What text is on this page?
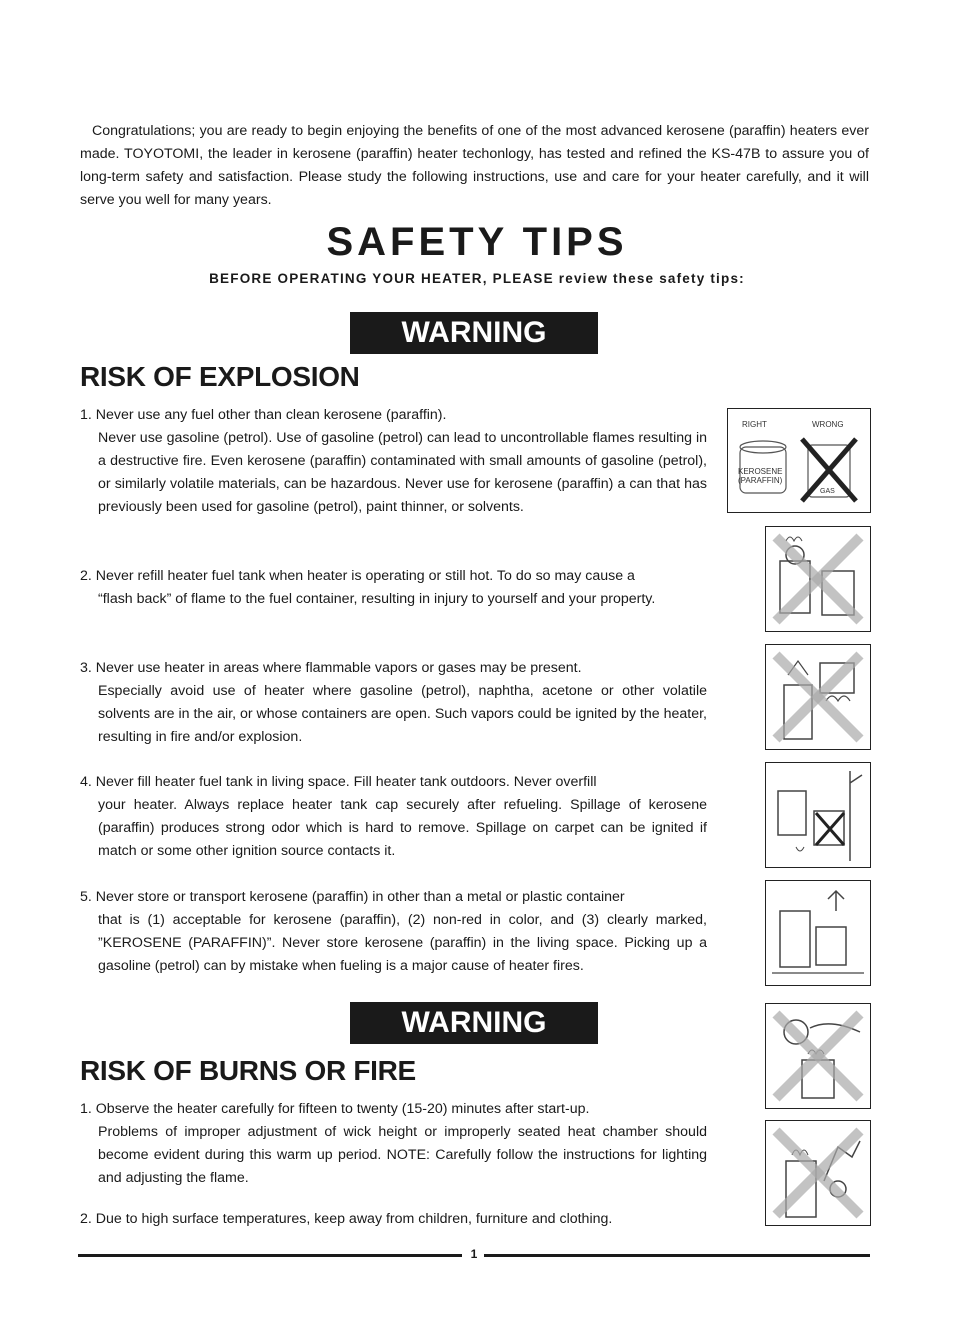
Congratulations; you are ready to begin enjoying the benefits of one of the most advanced kerosene (paraffin) heaters ever made. TOYOTOMI, the leader in kerosene (paraffin) heater techonlogy, has tested and refined the KS-47B to assure you of long-term safety and satisfaction. Please study the following instructions, use and care for your heater carefully, and it will serve you well for many years.
SAFETY TIPS
BEFORE OPERATING YOUR HEATER, PLEASE review these safety tips:
WARNING
RISK OF EXPLOSION
1. Never use any fuel other than clean kerosene (paraffin).
Never use gasoline (petrol). Use of gasoline (petrol) can lead to uncontrollable flames resulting in a destructive fire. Even kerosene (paraffin) contaminated with small amounts of gasoline (petrol), or similarly volatile materials, can be hazardous. Never use for kerosene (paraffin) a can that has previously been used for gasoline (petrol), paint thinner, or solvents.
2. Never refill heater fuel tank when heater is operating or still hot. To do so may cause a
“flash back” of flame to the fuel container, resulting in injury to yourself and your property.
3. Never use heater in areas where flammable vapors or gases may be present.
Especially avoid use of heater where gasoline (petrol), naphtha, acetone or other volatile solvents are in the air, or whose containers are open. Such vapors could be ignited by the heater, resulting in fire and/or explosion.
4. Never fill heater fuel tank in living space. Fill heater tank outdoors. Never overfill
your heater. Always replace heater tank cap securely after refueling. Spillage of kerosene (paraffin) produces strong odor which is hard to remove. Spillage on carpet can be ignited if match or some other ignition source contacts it.
5. Never store or transport kerosene (paraffin) in other than a metal or plastic container
that is (1) acceptable for kerosene (paraffin), (2) non-red in color, and (3) clearly marked, ”KEROSENE (PARAFFIN)”. Never store kerosene (paraffin) in the living space. Picking up a gasoline (petrol) can by mistake when fueling is a major cause of heater fires.
WARNING
RISK OF BURNS OR FIRE
1. Observe the heater carefully for fifteen to twenty (15-20) minutes after start-up.
Problems of improper adjustment of wick height or improperly seated heat chamber should become evident during this warm up period. NOTE: Carefully follow the instructions for lighting and adjusting the flame.
2. Due to high surface temperatures, keep away from children, furniture and clothing.
RIGHT	WRONG
KEROSENE
(PARAFFIN)
GAS
1
